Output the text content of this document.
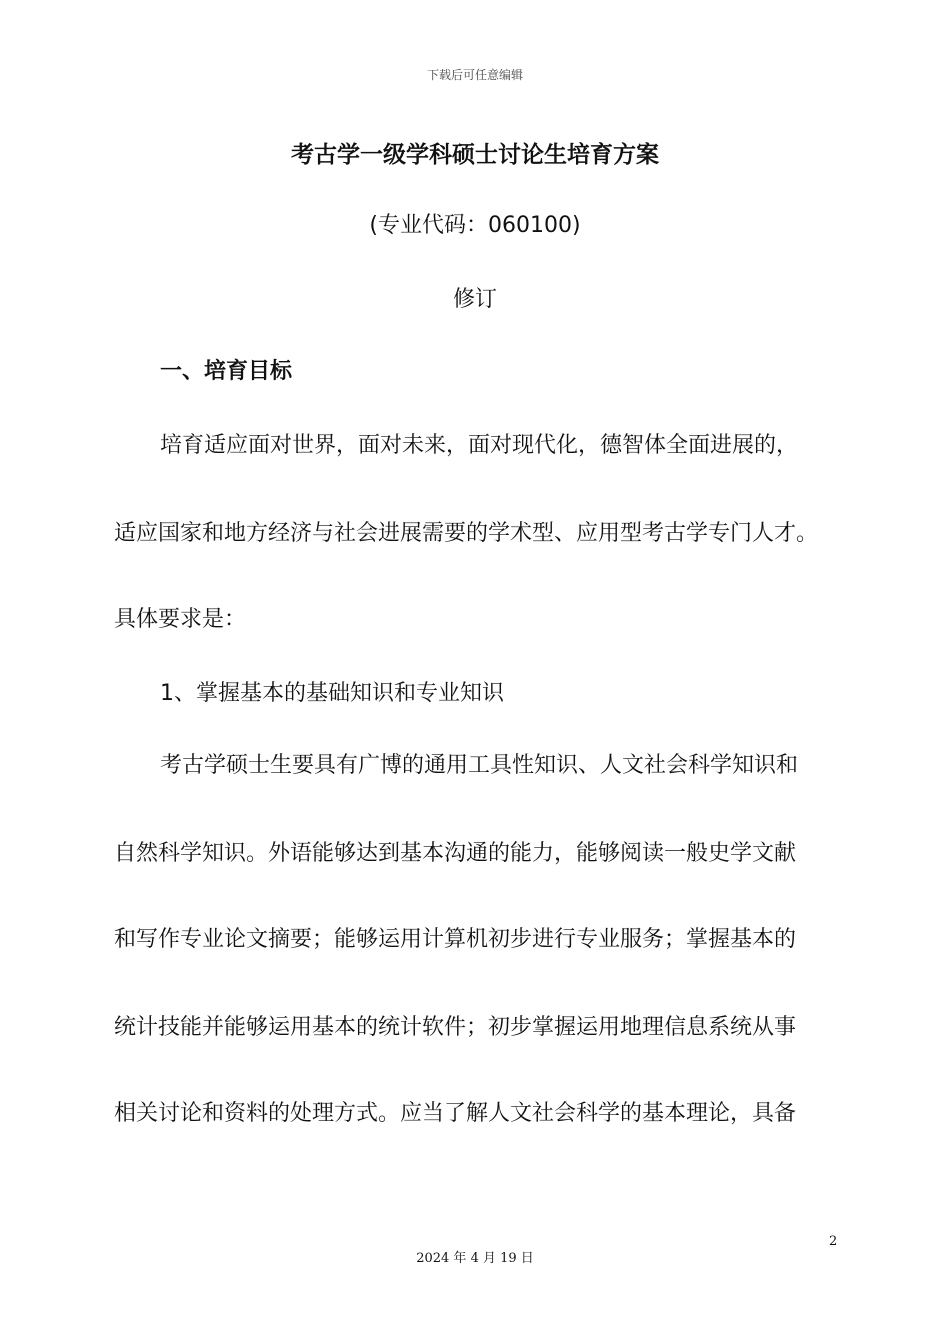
下载后可任意编辑
考古学一级学科硕士讨论生培育方案
(专业代码：060100)
修订
一、培育目标
培育适应面对世界，面对未来，面对现代化，德智体全面进展的，
适应国家和地方经济与社会进展需要的学术型、应用型考古学专门人才。
具体要求是：
1、掌握基本的基础知识和专业知识
考古学硕士生要具有广博的通用工具性知识、人文社会科学知识和
自然科学知识。外语能够达到基本沟通的能力，能够阅读一般史学文献
和写作专业论文摘要；能够运用计算机初步进行专业服务；掌握基本的
统计技能并能够运用基本的统计软件；初步掌握运用地理信息系统从事
相关讨论和资料的处理方式。应当了解人文社会科学的基本理论，具备
2
2024 年 4 月 19 日
